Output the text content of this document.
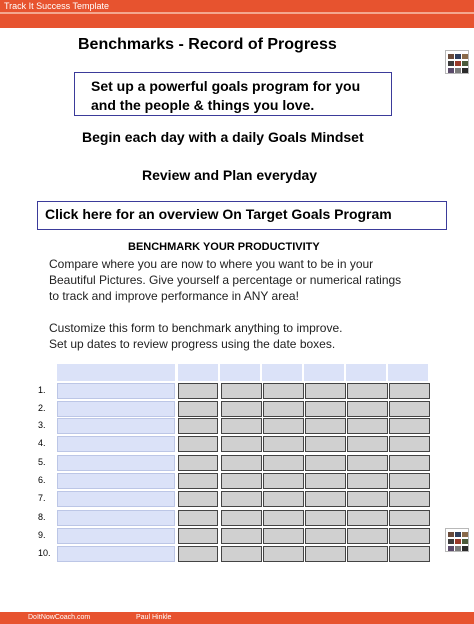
Track It Success Template
Benchmarks - Record of Progress
Set up a powerful goals program for you
and the people & things you love.
Begin each day with a daily Goals Mindset
Review and Plan everyday
Click here for an overview On Target Goals Program
BENCHMARK YOUR PRODUCTIVITY
Compare where you are now to where you want to be in your
Beautiful Pictures. Give yourself a percentage or numerical ratings
to track and improve performance in ANY area!
Customize this form to benchmark anything to improve.
Set up dates to review progress using the date boxes.
1.
2.
3.
4.
5.
6.
7.
8.
9.
10.
DoItNowCoach.com	Paul Hinkle
